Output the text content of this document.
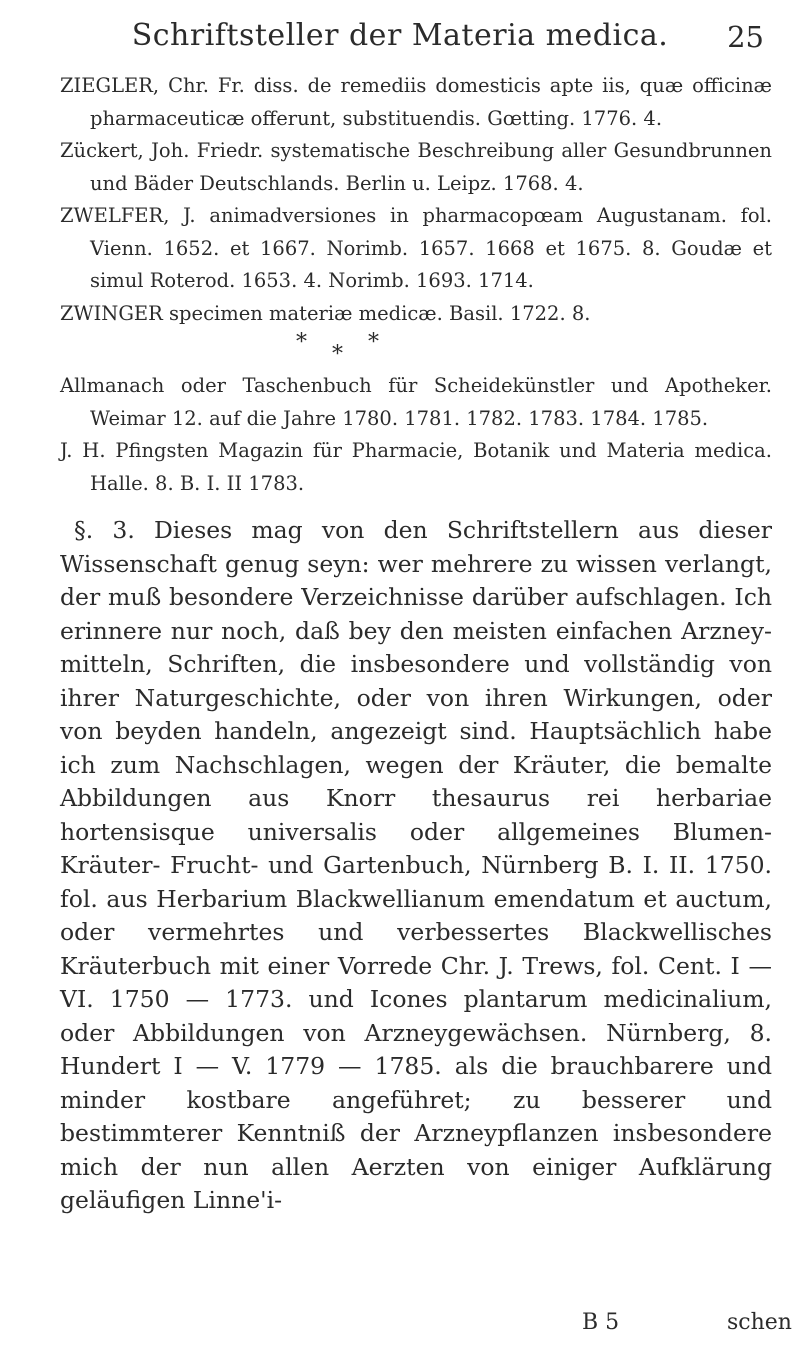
Schriftsteller der Materia medica.	25

ZIEGLER, Chr. Fr. diss. de remediis domesticis apte iis, quæ officinæ pharmaceuticæ offerunt, substituendis. Gœtting. 1776. 4.

Zückert, Joh. Friedr. systematische Beschreibung aller Gesundbrunnen und Bäder Deutschlands. Berlin u. Leipz. 1768. 4.

ZWELFER, J. animadversiones in pharmacopœam Augustanam. fol. Vienn. 1652. et 1667. Norimb. 1657. 1668 et 1675. 8. Goudæ et simul Roterod. 1653. 4. Norimb. 1693. 1714.

ZWINGER specimen materiæ medicæ. Basil. 1722. 8.

* * *

Allmanach oder Taschenbuch für Scheidekünstler und Apotheker. Weimar 12. auf die Jahre 1780. 1781. 1782. 1783. 1784. 1785.

J. H. Pfingsten Magazin für Pharmacie, Botanik und Materia medica. Halle. 8. B. I. II 1783.

§. 3. Dieses mag von den Schriftstellern aus dieser Wissenschaft genug seyn: wer mehrere zu wissen verlangt, der muß besondere Verzeichnisse darüber aufschlagen. Ich erinnere nur noch, daß bey den meisten einfachen Arzney-mitteln, Schriften, die insbesondere und vollständig von ihrer Naturgeschichte, oder von ihren Wirkungen, oder von beyden handeln, angezeigt sind. Hauptsächlich habe ich zum Nachschlagen, wegen der Kräuter, die bemalte Abbildungen aus Knorr thesaurus rei herbariae hortensisque universalis oder allgemeines Blumen- Kräuter- Frucht- und Gartenbuch, Nürnberg B. I. II. 1750. fol. aus Herbarium Blackwellianum emendatum et auctum, oder vermehrtes und verbessertes Blackwellisches Kräuterbuch mit einer Vorrede Chr. J. Trews, fol. Cent. I — VI. 1750 — 1773. und Icones plantarum medicinalium, oder Abbildungen von Arzneygewächsen. Nürnberg, 8. Hundert I — V. 1779 — 1785. als die brauchbarere und minder kostbare angeführet; zu besserer und bestimmterer Kenntniß der Arzneypflanzen insbesondere mich der nun allen Aerzten von einiger Aufklärung geläufigen Linne'i-

B 5	schen
